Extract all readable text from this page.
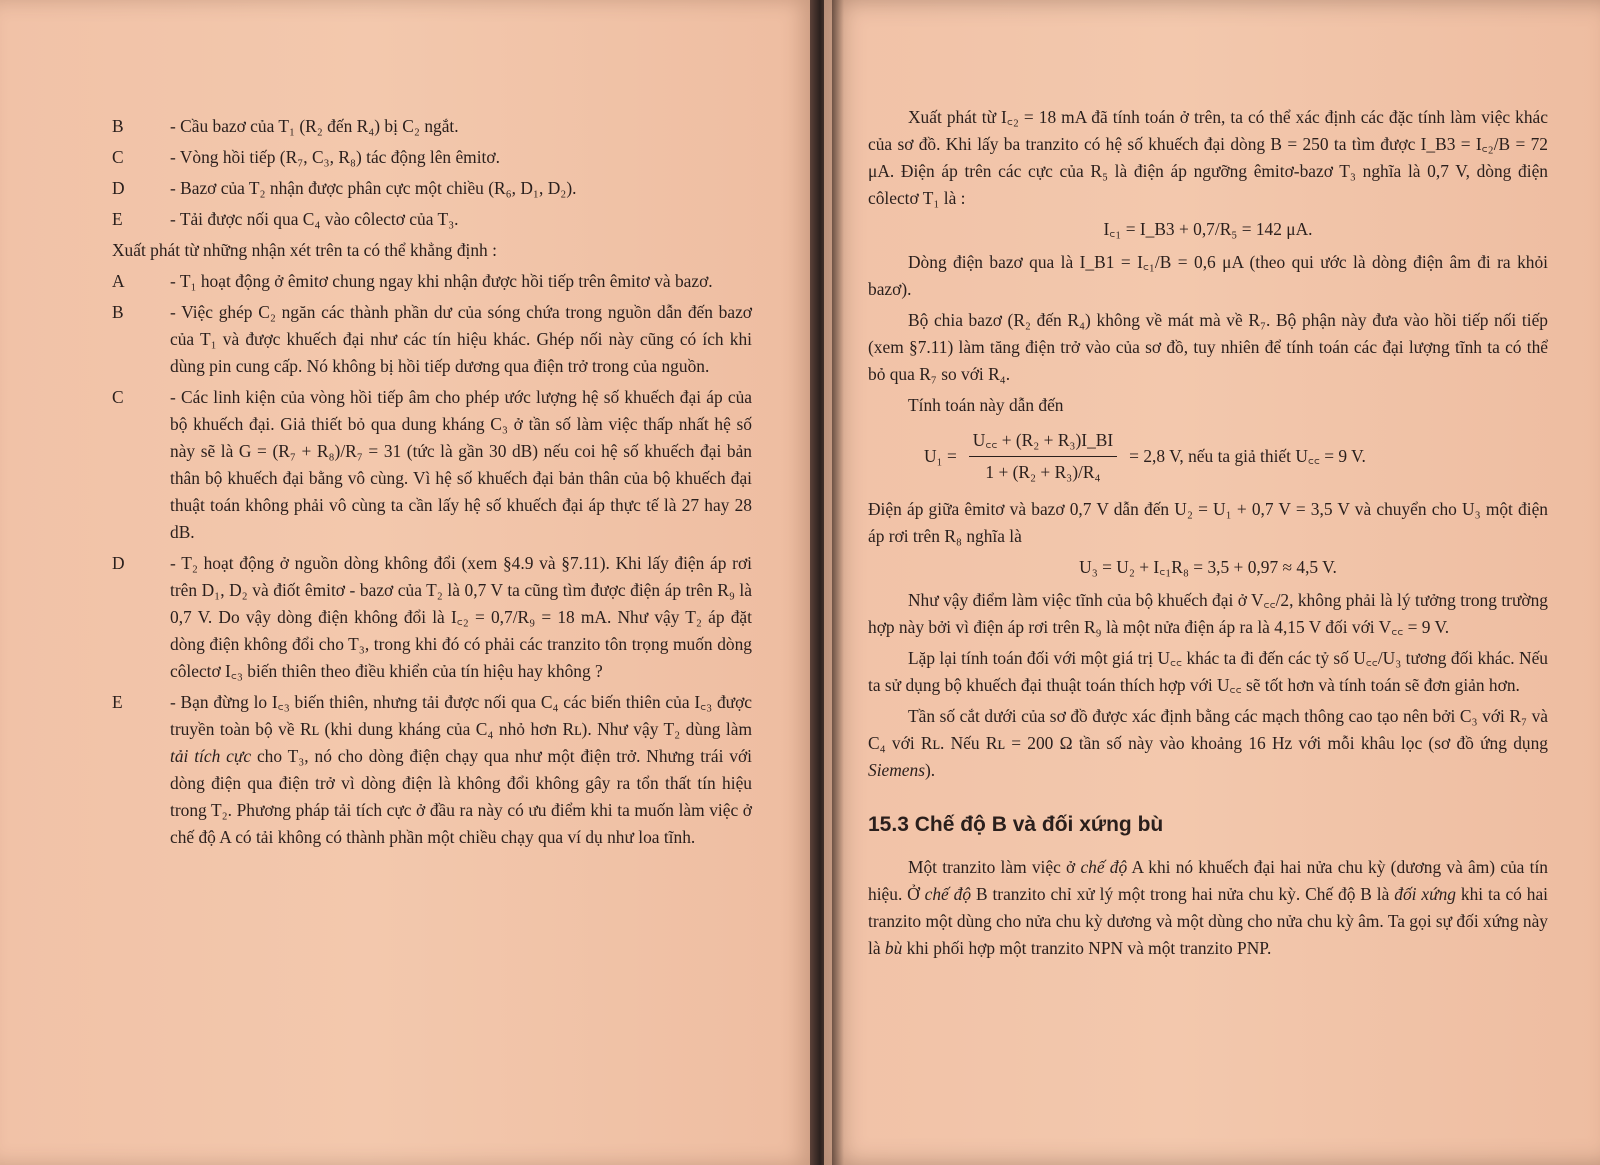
B	- Cầu bazơ của T₁ (R₂ đến R₄) bị C₂ ngắt.
C	- Vòng hồi tiếp (R₇, C₃, R₈) tác động lên êmitơ.
D	- Bazơ của T₂ nhận được phân cực một chiều (R₆, D₁, D₂).
E	- Tải được nối qua C₄ vào côlectơ của T₃.

Xuất phát từ những nhận xét trên ta có thể khẳng định :

A	- T₁ hoạt động ở êmitơ chung ngay khi nhận được hồi tiếp trên êmitơ và bazơ.
B	- Việc ghép C₂ ngăn các thành phần dư của sóng chứa trong nguồn dẫn đến bazơ của T₁ và được khuếch đại như các tín hiệu khác. Ghép nối này cũng có ích khi dùng pin cung cấp. Nó không bị hồi tiếp dương qua điện trở trong của nguồn.
C	- Các linh kiện của vòng hồi tiếp âm cho phép ước lượng hệ số khuếch đại áp của bộ khuếch đại. Giả thiết bỏ qua dung kháng C₃ ở tần số làm việc thấp nhất hệ số này sẽ là G = (R₇ + R₈)/R₇ = 31 (tức là gần 30 dB) nếu coi hệ số khuếch đại bản thân bộ khuếch đại bằng vô cùng. Vì hệ số khuếch đại bản thân của bộ khuếch đại thuật toán không phải vô cùng ta cần lấy hệ số khuếch đại áp thực tế là 27 hay 28 dB.
D	- T₂ hoạt động ở nguồn dòng không đổi (xem §4.9 và §7.11). Khi lấy điện áp rơi trên D₁, D₂ và điốt êmitơ - bazơ của T₂ là 0,7 V ta cũng tìm được điện áp trên R₉ là 0,7 V. Do vậy dòng điện không đổi là I꜀₂ = 0,7/R₉ = 18 mA. Như vậy T₂ áp đặt dòng điện không đổi cho T₃, trong khi đó có phải các tranzito tôn trọng muốn dòng côlectơ I꜀₃ biến thiên theo điều khiển của tín hiệu hay không ?
E	- Bạn đừng lo I꜀₃ biến thiên, nhưng tải được nối qua C₄ các biến thiên của I꜀₃ được truyền toàn bộ về Rʟ (khi dung kháng của C₄ nhỏ hơn Rʟ). Như vậy T₂ dùng làm tải tích cực cho T₃, nó cho dòng điện chạy qua như một điện trở. Nhưng trái với dòng điện qua điện trở vì dòng điện là không đổi không gây ra tổn thất tín hiệu trong T₂. Phương pháp tải tích cực ở đầu ra này có ưu điểm khi ta muốn làm việc ở chế độ A có tải không có thành phần một chiều chạy qua ví dụ như loa tĩnh.

Xuất phát từ I꜀₂ = 18 mA đã tính toán ở trên, ta có thể xác định các đặc tính làm việc khác của sơ đồ. Khi lấy ba tranzito có hệ số khuếch đại dòng B = 250 ta tìm được I_B3 = I꜀₂/B = 72 μA. Điện áp trên các cực của R₅ là điện áp ngưỡng êmitơ-bazơ T₃ nghĩa là 0,7 V, dòng điện côlectơ T₁ là :

I꜀₁ = I_B3 + 0,7/R₅ = 142 μA.

Dòng điện bazơ qua là I_B1 = I꜀₁/B = 0,6 μA (theo qui ước là dòng điện âm đi ra khỏi bazơ).

Bộ chia bazơ (R₂ đến R₄) không về mát mà về R₇. Bộ phận này đưa vào hồi tiếp nối tiếp (xem §7.11) làm tăng điện trở vào của sơ đồ, tuy nhiên để tính toán các đại lượng tĩnh ta có thể bỏ qua R₇ so với R₄.

Tính toán này dẫn đến

$U_1 = \frac{\text{U꜀꜀ + (R₂ + R₃)I\_BI}}{\text{1 + (R₂ + R₃)/R₄}} = 2,8$ V, nếu ta giả thiết U꜀꜀ = 9 V.

Điện áp giữa êmitơ và bazơ 0,7 V dẫn đến U₂ = U₁ + 0,7 V = 3,5 V và chuyển cho U₃ một điện áp rơi trên R₈ nghĩa là

U₃ = U₂ + I꜀₁R₈ = 3,5 + 0,97 ≈ 4,5 V.

Như vậy điểm làm việc tĩnh của bộ khuếch đại ở V꜀꜀/2, không phải là lý tưởng trong trường hợp này bởi vì điện áp rơi trên R₉ là một nửa điện áp ra là 4,15 V đối với V꜀꜀ = 9 V.

Lặp lại tính toán đối với một giá trị U꜀꜀ khác ta đi đến các tỷ số U꜀꜀/U₃ tương đối khác. Nếu ta sử dụng bộ khuếch đại thuật toán thích hợp với U꜀꜀ sẽ tốt hơn và tính toán sẽ đơn giản hơn.

Tần số cắt dưới của sơ đồ được xác định bằng các mạch thông cao tạo nên bởi C₃ với R₇ và C₄ với Rʟ. Nếu Rʟ = 200 Ω tần số này vào khoảng 16 Hz với mỗi khâu lọc (sơ đồ ứng dụng Siemens).

15.3 Chế độ B và đối xứng bù

Một tranzito làm việc ở chế độ A khi nó khuếch đại hai nửa chu kỳ (dương và âm) của tín hiệu. Ở chế độ B tranzito chỉ xử lý một trong hai nửa chu kỳ. Chế độ B là đối xứng khi ta có hai tranzito một dùng cho nửa chu kỳ dương và một dùng cho nửa chu kỳ âm. Ta gọi sự đối xứng này là bù khi phối hợp một tranzito NPN và một tranzito PNP.
